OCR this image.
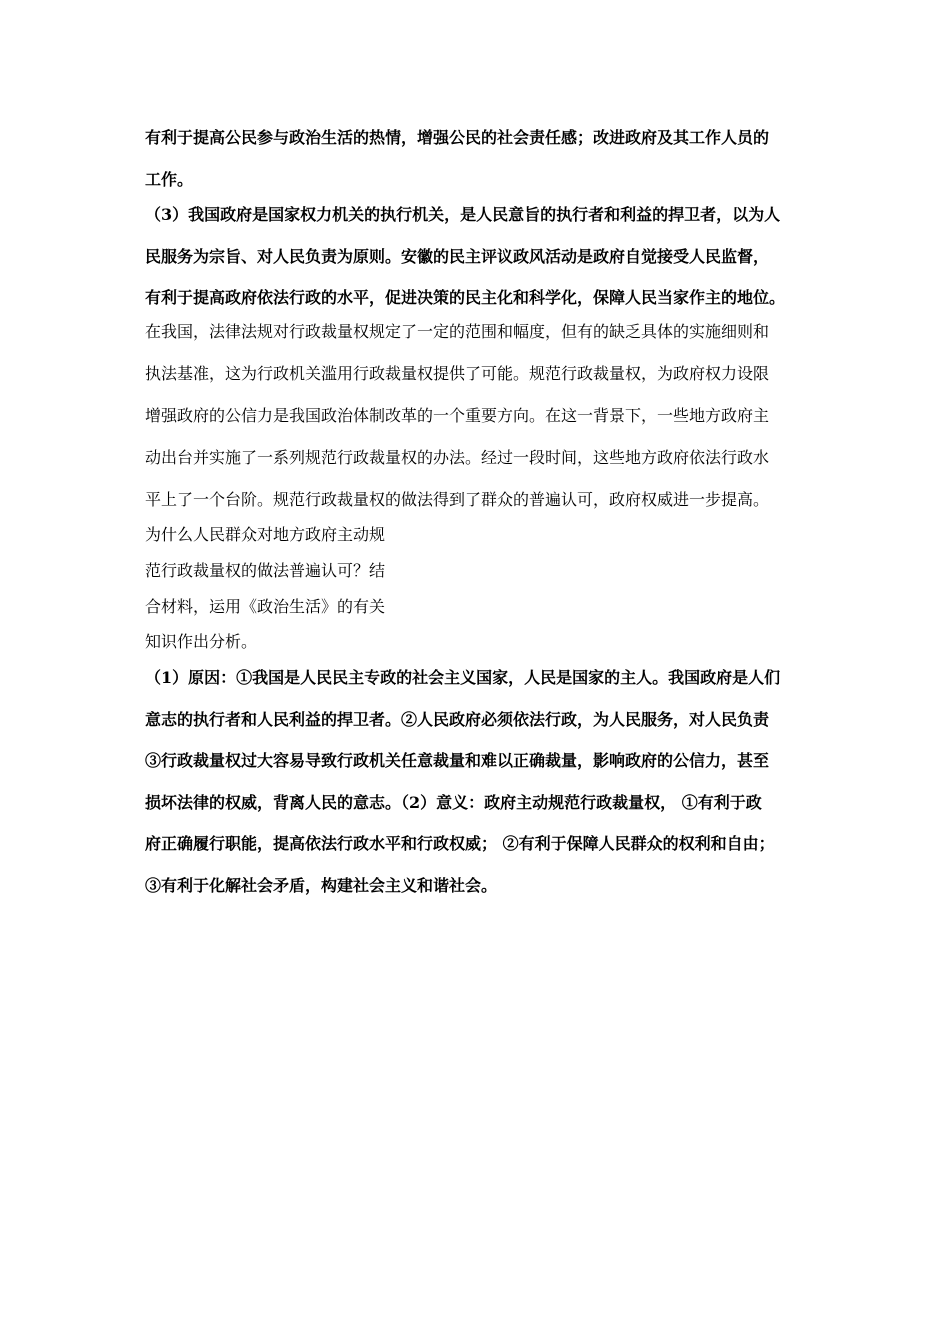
有利于提高公民参与政治生活的热情，增强公民的社会责任感；改进政府及其工作人员的
工作。
（3）我国政府是国家权力机关的执行机关，是人民意旨的执行者和利益的捍卫者，以为人
民服务为宗旨、对人民负责为原则。安徽的民主评议政风活动是政府自觉接受人民监督，
有利于提高政府依法行政的水平，促进决策的民主化和科学化，保障人民当家作主的地位。
在我国，法律法规对行政裁量权规定了一定的范围和幅度，但有的缺乏具体的实施细则和
执法基准，这为行政机关滥用行政裁量权提供了可能。规范行政裁量权，为政府权力设限
增强政府的公信力是我国政治体制改革的一个重要方向。在这一背景下，一些地方政府主
动出台并实施了一系列规范行政裁量权的办法。经过一段时间，这些地方政府依法行政水
平上了一个台阶。规范行政裁量权的做法得到了群众的普遍认可，政府权威进一步提高。
为什么人民群众对地方政府主动规
范行政裁量权的做法普遍认可？结
合材料，运用《政治生活》的有关
知识作出分析。
（1）原因：①我国是人民民主专政的社会主义国家，人民是国家的主人。我国政府是人们
意志的执行者和人民利益的捍卫者。②人民政府必须依法行政，为人民服务，对人民负责
③行政裁量权过大容易导致行政机关任意裁量和难以正确裁量，影响政府的公信力，甚至
损坏法律的权威，背离人民的意志。（2）意义：政府主动规范行政裁量权， ①有利于政
府正确履行职能，提高依法行政水平和行政权威； ②有利于保障人民群众的权利和自由；
③有利于化解社会矛盾，构建社会主义和谐社会。
